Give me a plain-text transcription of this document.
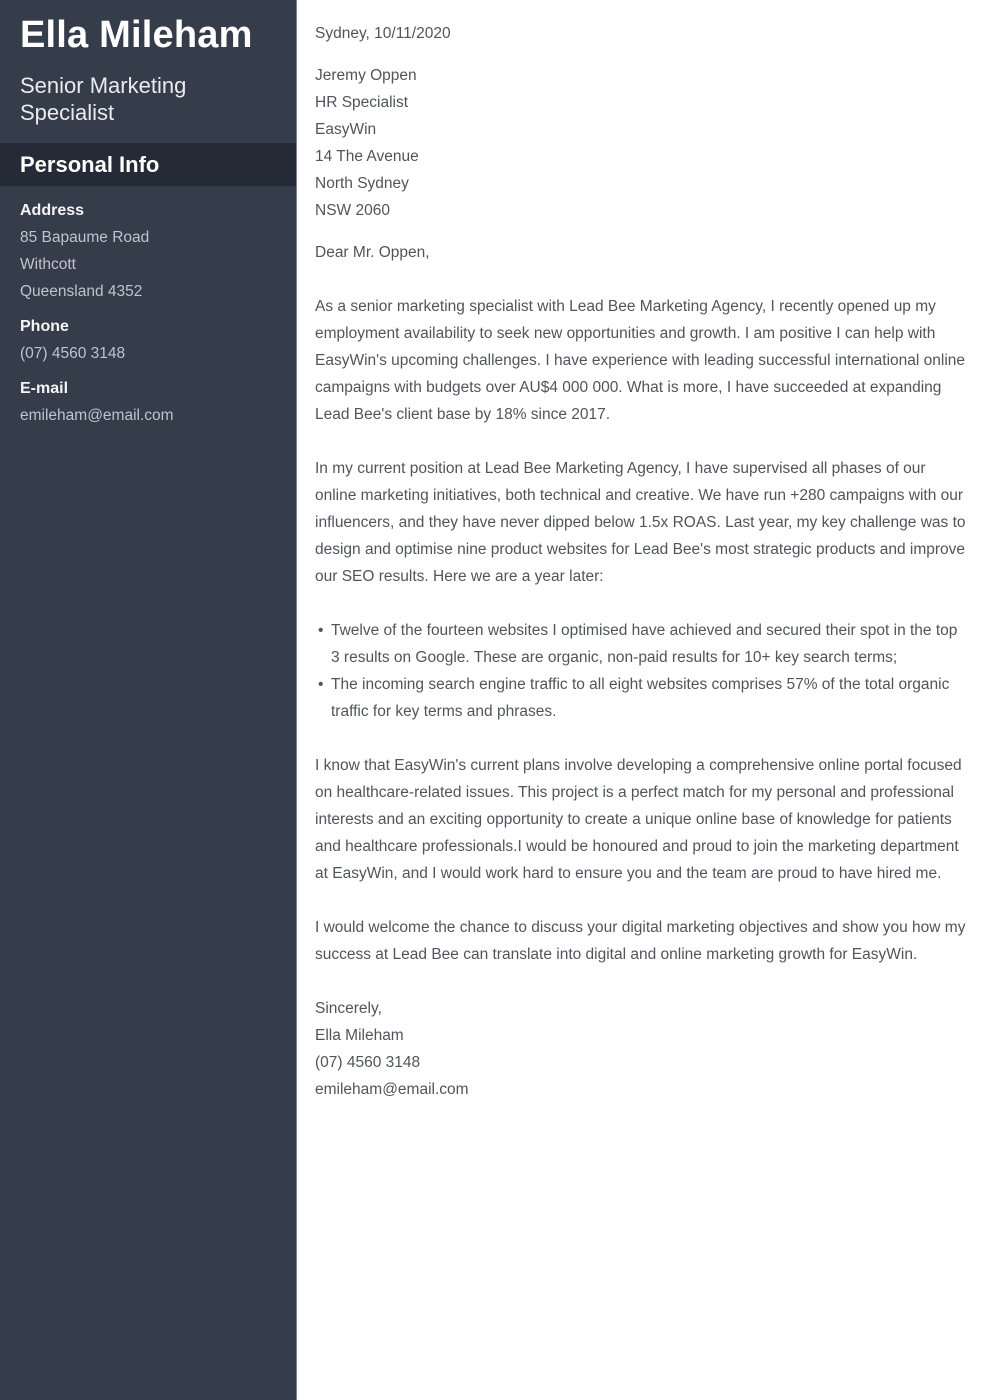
Ella Mileham
Senior Marketing Specialist
Personal Info
Address
85 Bapaume Road
Withcott
Queensland 4352
Phone
(07) 4560 3148
E-mail
emileham@email.com
Sydney, 10/11/2020
Jeremy Oppen
HR Specialist
EasyWin
14 The Avenue
North Sydney
NSW 2060

Dear Mr. Oppen,

As a senior marketing specialist with Lead Bee Marketing Agency, I recently opened up my employment availability to seek new opportunities and growth. I am positive I can help with EasyWin's upcoming challenges. I have experience with leading successful international online campaigns with budgets over AU$4 000 000. What is more, I have succeeded at expanding Lead Bee's client base by 18% since 2017.

In my current position at Lead Bee Marketing Agency, I have supervised all phases of our online marketing initiatives, both technical and creative. We have run +280 campaigns with our influencers, and they have never dipped below 1.5x ROAS. Last year, my key challenge was to design and optimise nine product websites for Lead Bee's most strategic products and improve our SEO results. Here we are a year later:

• Twelve of the fourteen websites I optimised have achieved and secured their spot in the top 3 results on Google. These are organic, non-paid results for 10+ key search terms;
• The incoming search engine traffic to all eight websites comprises 57% of the total organic traffic for key terms and phrases.

I know that EasyWin's current plans involve developing a comprehensive online portal focused on healthcare-related issues. This project is a perfect match for my personal and professional interests and an exciting opportunity to create a unique online base of knowledge for patients and healthcare professionals.I would be honoured and proud to join the marketing department at EasyWin, and I would work hard to ensure you and the team are proud to have hired me.

I would welcome the chance to discuss your digital marketing objectives and show you how my success at Lead Bee can translate into digital and online marketing growth for EasyWin.

Sincerely,
Ella Mileham
(07) 4560 3148
emileham@email.com
